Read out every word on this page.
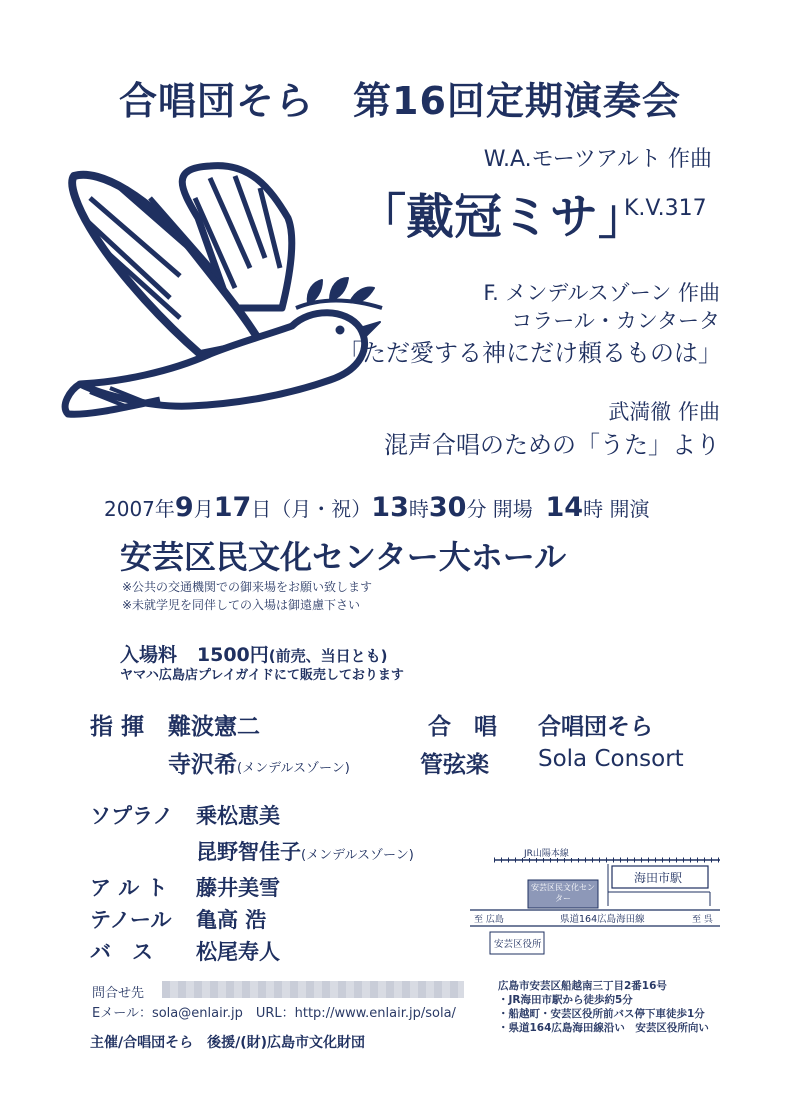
合唱団そら　第16回定期演奏会
W.A.モーツアルト 作曲
「戴冠ミサ」
K.V.317
F. メンデルスゾーン 作曲
コラール・カンタータ
「ただ愛する神にだけ頼るものは」
武満徹 作曲
混声合唱のための「うた」より
2007年9月17日（月・祝）13時30分 開場 14時 開演
安芸区民文化センター大ホール
※公共の交通機関での御来場をお願い致します
※未就学児を同伴しての入場は御遠慮下さい
入場料 1500円(前売、当日とも)
ヤマハ広島店プレイガイドにて販売しております
指 揮 難波憲二
寺沢希(メンデルスゾーン)
合　唱 合唱団そら
管弦楽 Sola Consort
ソプラノ 乗松恵美
昆野智佳子(メンデルスゾーン)
ア ル ト 藤井美雪
テノール 亀高 浩
バ　ス 松尾寿人
問合せ先
Eメール：sola@enlair.jp　URL：http://www.enlair.jp/sola/
主催/合唱団そら　後援/(財)広島市文化財団
JR山陽本線
海田市駅
安芸区民文化センター
至 広島	県道164広島海田線	至 呉
安芸区役所
広島市安芸区船越南三丁目2番16号
・JR海田市駅から徒歩約5分
・船越町・安芸区役所前バス停下車徒歩1分
・県道164広島海田線沿い　安芸区役所向い
